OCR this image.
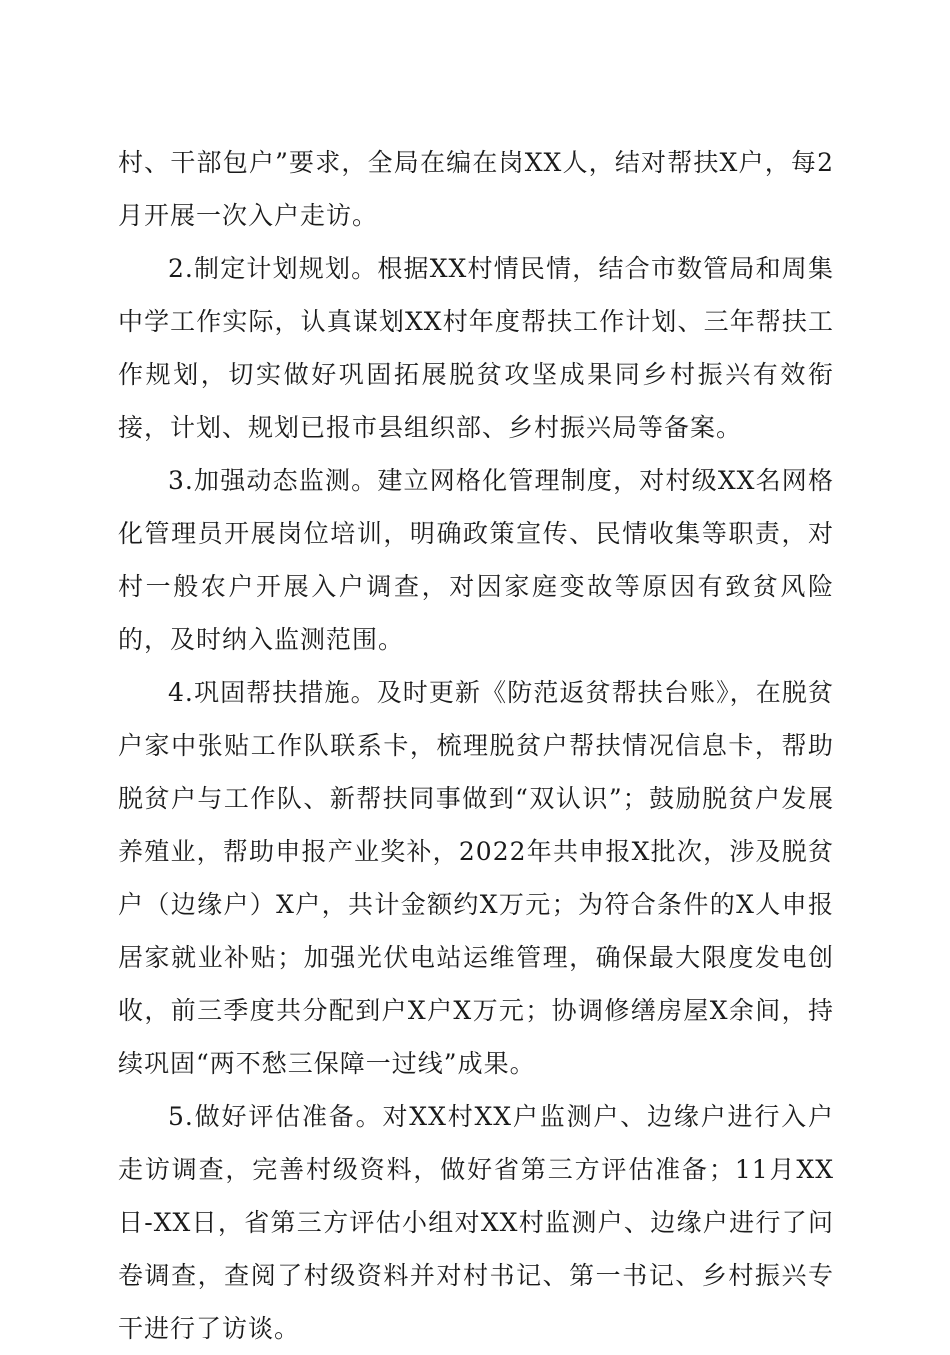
村、干部包户”要求，全局在编在岗XX人，结对帮扶X户，每2月开展一次入户走访。

2.制定计划规划。根据XX村情民情，结合市数管局和周集中学工作实际，认真谋划XX村年度帮扶工作计划、三年帮扶工作规划，切实做好巩固拓展脱贫攻坚成果同乡村振兴有效衔接，计划、规划已报市县组织部、乡村振兴局等备案。

3.加强动态监测。建立网格化管理制度，对村级XX名网格化管理员开展岗位培训，明确政策宣传、民情收集等职责，对村一般农户开展入户调查，对因家庭变故等原因有致贫风险的，及时纳入监测范围。

4.巩固帮扶措施。及时更新《防范返贫帮扶台账》，在脱贫户家中张贴工作队联系卡，梳理脱贫户帮扶情况信息卡，帮助脱贫户与工作队、新帮扶同事做到“双认识”；鼓励脱贫户发展养殖业，帮助申报产业奖补，2022年共申报X批次，涉及脱贫户（边缘户）X户，共计金额约X万元；为符合条件的X人申报居家就业补贴；加强光伏电站运维管理，确保最大限度发电创收，前三季度共分配到户X户X万元；协调修缮房屋X余间，持续巩固“两不愁三保障一过线”成果。

5.做好评估准备。对XX村XX户监测户、边缘户进行入户走访调查，完善村级资料，做好省第三方评估准备；11月XX日-XX日，省第三方评估小组对XX村监测户、边缘户进行了问卷调查，查阅了村级资料并对村书记、第一书记、乡村振兴专干进行了访谈。
